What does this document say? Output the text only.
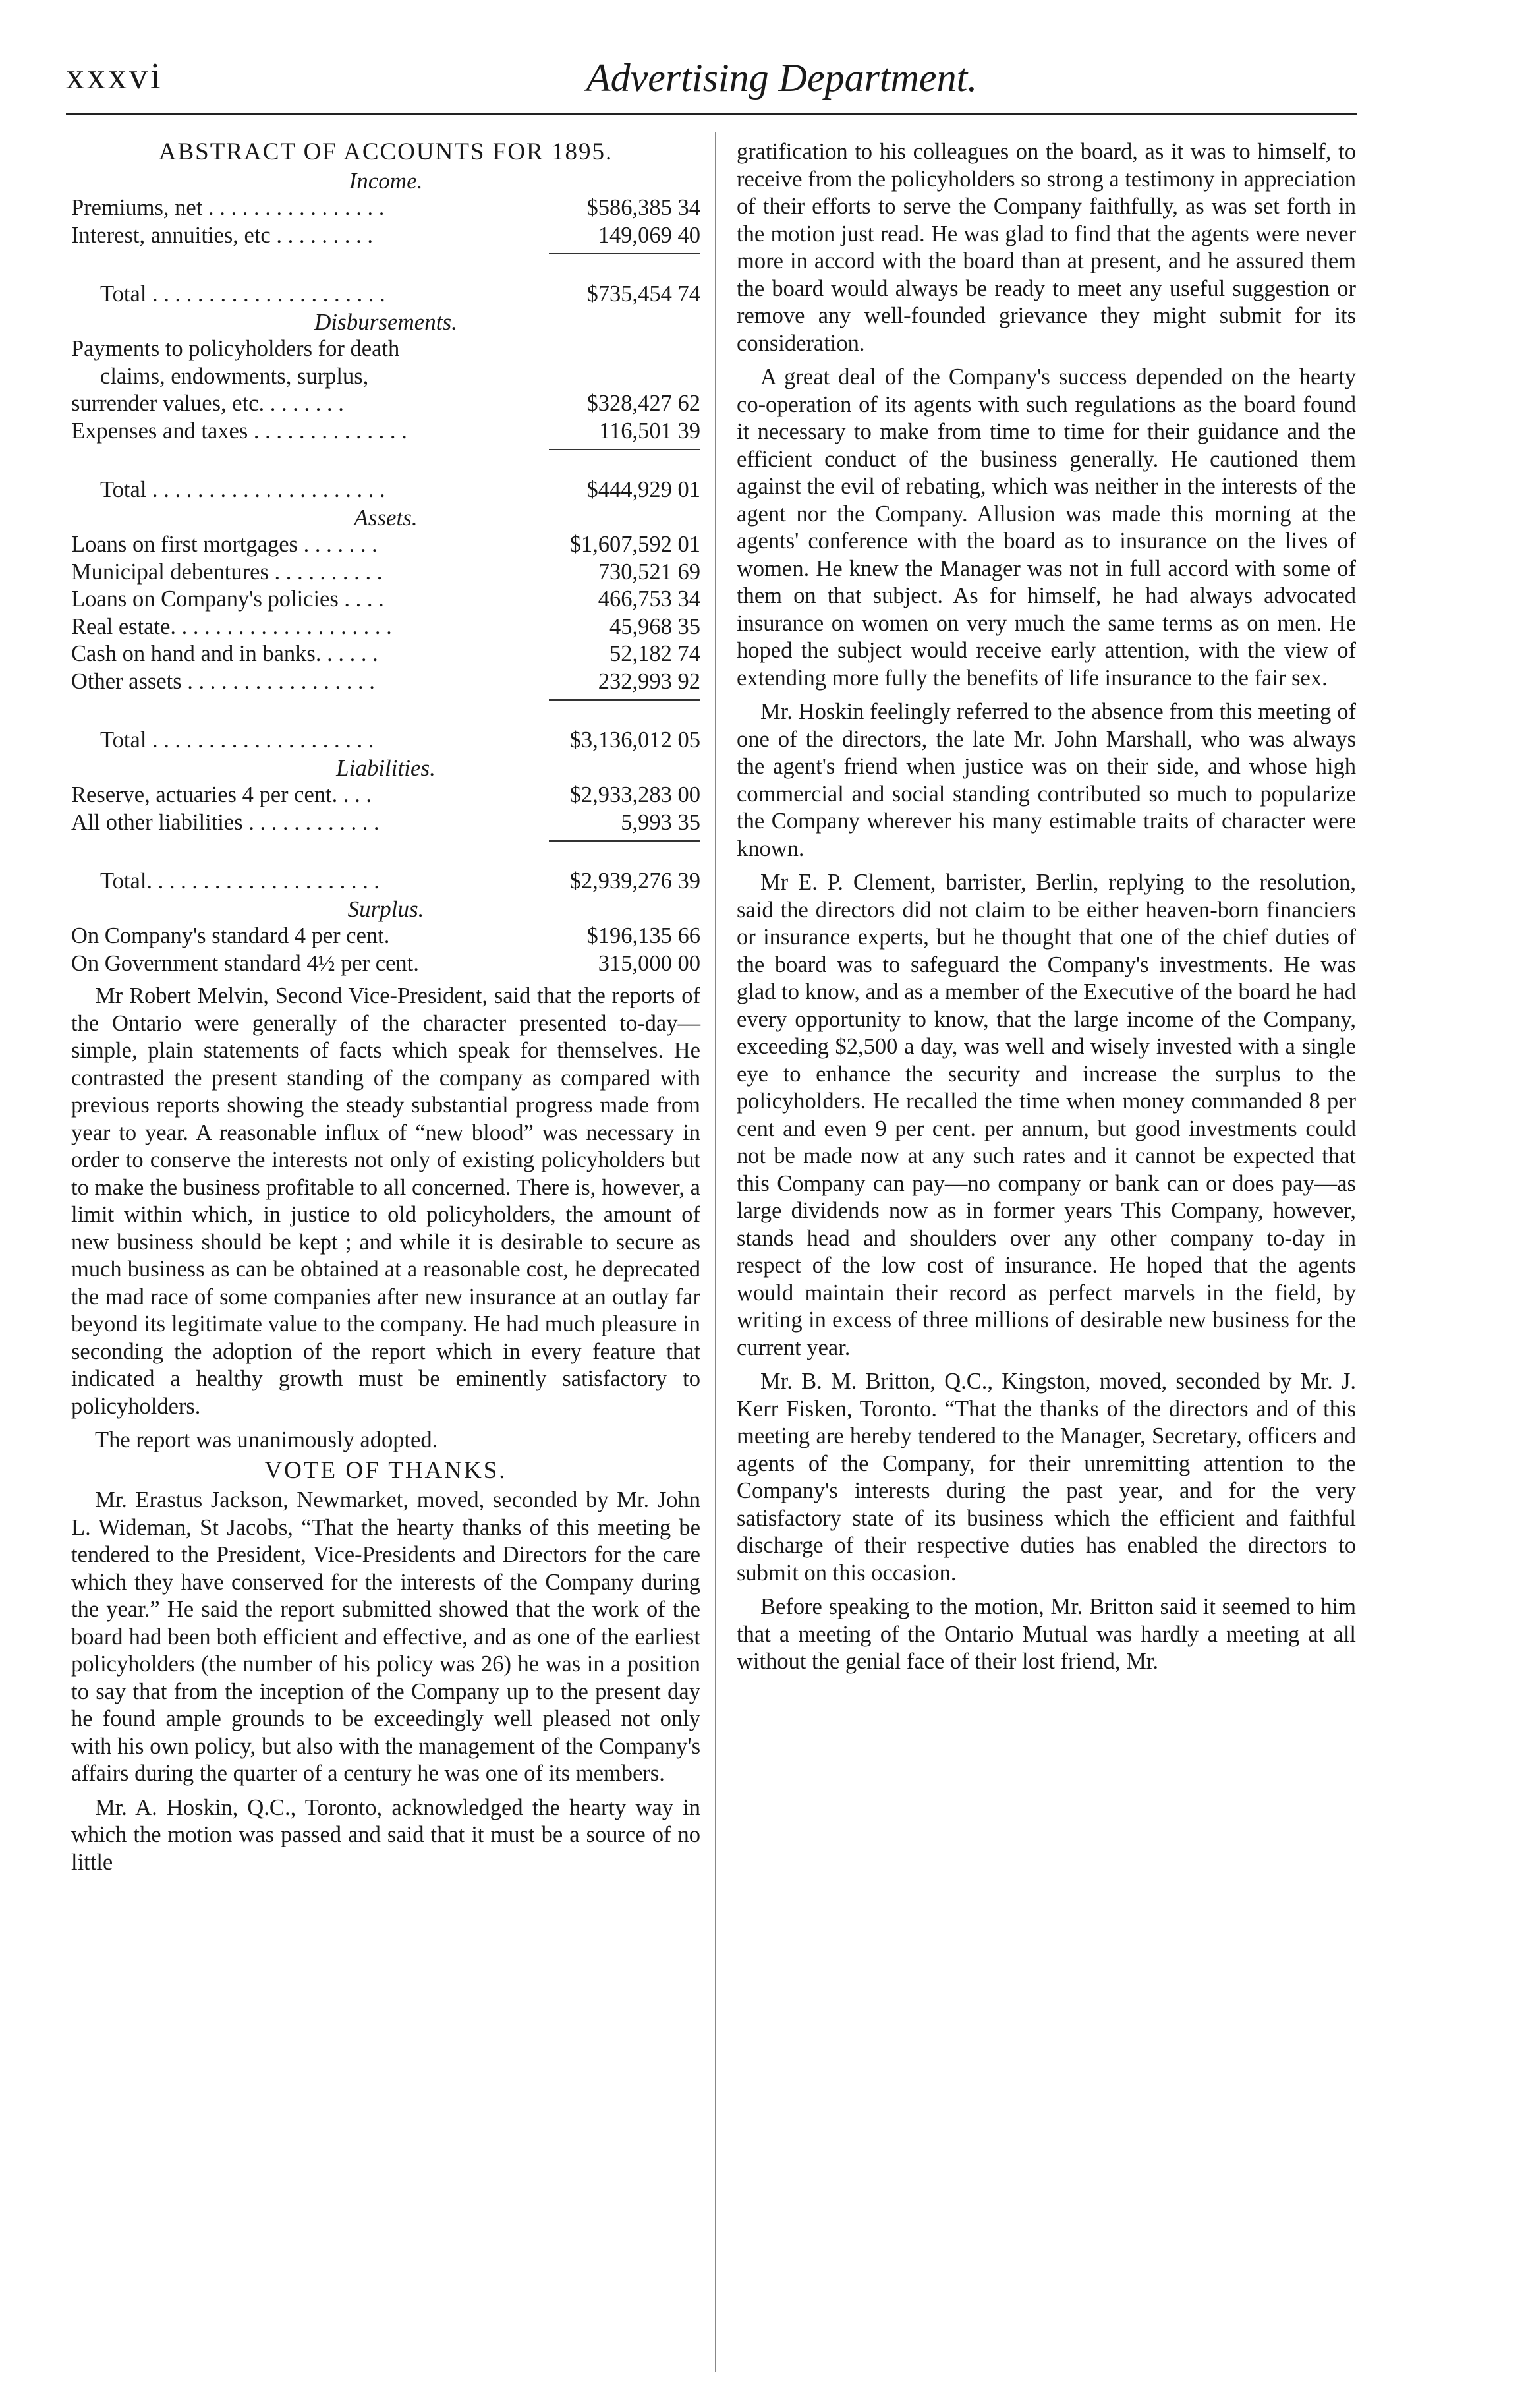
xxxvi	Advertising Department.
ABSTRACT OF ACCOUNTS FOR 1895.
Income.
Premiums, net . . . . . . . . . . . . . . . .	$586,385 34
Interest, annuities, etc . . . . . . . . .	149,069 40
Total . . . . . . . . . . . . . . . . . . . . .	$735,454 74
Disbursements.
Payments to policyholders for death
claims, endowments, surplus,
surrender values, etc. . . . . . . .	$328,427 62
Expenses and taxes . . . . . . . . . . . . . .	116,501 39
Total . . . . . . . . . . . . . . . . . . . . .	$444,929 01
Assets.
Loans on first mortgages . . . . . . .	$1,607,592 01
Municipal debentures . . . . . . . . . .	730,521 69
Loans on Company's policies . . . .	466,753 34
Real estate. . . . . . . . . . . . . . . . . . . .	45,968 35
Cash on hand and in banks. . . . . .	52,182 74
Other assets . . . . . . . . . . . . . . . . .	232,993 92
Total . . . . . . . . . . . . . . . . . . . .	$3,136,012 05
Liabilities.
Reserve, actuaries 4 per cent. . . .	$2,933,283 00
All other liabilities . . . . . . . . . . . .	5,993 35
Total. . . . . . . . . . . . . . . . . . . . .	$2,939,276 39
Surplus.
On Company's standard 4 per cent.	$196,135 66
On Government standard 4½ per cent.	315,000 00

Mr Robert Melvin, Second Vice-President, said that the reports of the Ontario were generally of the character presented to-day—simple, plain statements of facts which speak for themselves. He contrasted the present standing of the company as compared with previous reports showing the steady substantial progress made from year to year. A reasonable influx of “new blood” was necessary in order to conserve the interests not only of existing policyholders but to make the business profitable to all concerned. There is, however, a limit within which, in justice to old policyholders, the amount of new business should be kept ; and while it is desirable to secure as much business as can be obtained at a reasonable cost, he deprecated the mad race of some companies after new insurance at an outlay far beyond its legitimate value to the company. He had much pleasure in seconding the adoption of the report which in every feature that indicated a healthy growth must be eminently satisfactory to policyholders.

The report was unanimously adopted.

VOTE OF THANKS.

Mr. Erastus Jackson, Newmarket, moved, seconded by Mr. John L. Wideman, St Jacobs, “That the hearty thanks of this meeting be tendered to the President, Vice-Presidents and Directors for the care which they have conserved for the interests of the Company during the year.” He said the report submitted showed that the work of the board had been both efficient and effective, and as one of the earliest policyholders (the number of his policy was 26) he was in a position to say that from the inception of the Company up to the present day he found ample grounds to be exceedingly well pleased not only with his own policy, but also with the management of the Company's affairs during the quarter of a century he was one of its members.

Mr. A. Hoskin, Q.C., Toronto, acknowledged the hearty way in which the motion was passed and said that it must be a source of no little

gratification to his colleagues on the board, as it was to himself, to receive from the policyholders so strong a testimony in appreciation of their efforts to serve the Company faithfully, as was set forth in the motion just read. He was glad to find that the agents were never more in accord with the board than at present, and he assured them the board would always be ready to meet any useful suggestion or remove any well-founded grievance they might submit for its consideration.

A great deal of the Company's success depended on the hearty co-operation of its agents with such regulations as the board found it necessary to make from time to time for their guidance and the efficient conduct of the business generally. He cautioned them against the evil of rebating, which was neither in the interests of the agent nor the Company. Allusion was made this morning at the agents' conference with the board as to insurance on the lives of women. He knew the Manager was not in full accord with some of them on that subject. As for himself, he had always advocated insurance on women on very much the same terms as on men. He hoped the subject would receive early attention, with the view of extending more fully the benefits of life insurance to the fair sex.

Mr. Hoskin feelingly referred to the absence from this meeting of one of the directors, the late Mr. John Marshall, who was always the agent's friend when justice was on their side, and whose high commercial and social standing contributed so much to popularize the Company wherever his many estimable traits of character were known.

Mr E. P. Clement, barrister, Berlin, replying to the resolution, said the directors did not claim to be either heaven-born financiers or insurance experts, but he thought that one of the chief duties of the board was to safeguard the Company's investments. He was glad to know, and as a member of the Executive of the board he had every opportunity to know, that the large income of the Company, exceeding $2,500 a day, was well and wisely invested with a single eye to enhance the security and increase the surplus to the policyholders. He recalled the time when money commanded 8 per cent and even 9 per cent. per annum, but good investments could not be made now at any such rates and it cannot be expected that this Company can pay—no company or bank can or does pay—as large dividends now as in former years This Company, however, stands head and shoulders over any other company to-day in respect of the low cost of insurance. He hoped that the agents would maintain their record as perfect marvels in the field, by writing in excess of three millions of desirable new business for the current year.

Mr. B. M. Britton, Q.C., Kingston, moved, seconded by Mr. J. Kerr Fisken, Toronto. “That the thanks of the directors and of this meeting are hereby tendered to the Manager, Secretary, officers and agents of the Company, for their unremitting attention to the Company's interests during the past year, and for the very satisfactory state of its business which the efficient and faithful discharge of their respective duties has enabled the directors to submit on this occasion.

Before speaking to the motion, Mr. Britton said it seemed to him that a meeting of the Ontario Mutual was hardly a meeting at all without the genial face of their lost friend, Mr.
